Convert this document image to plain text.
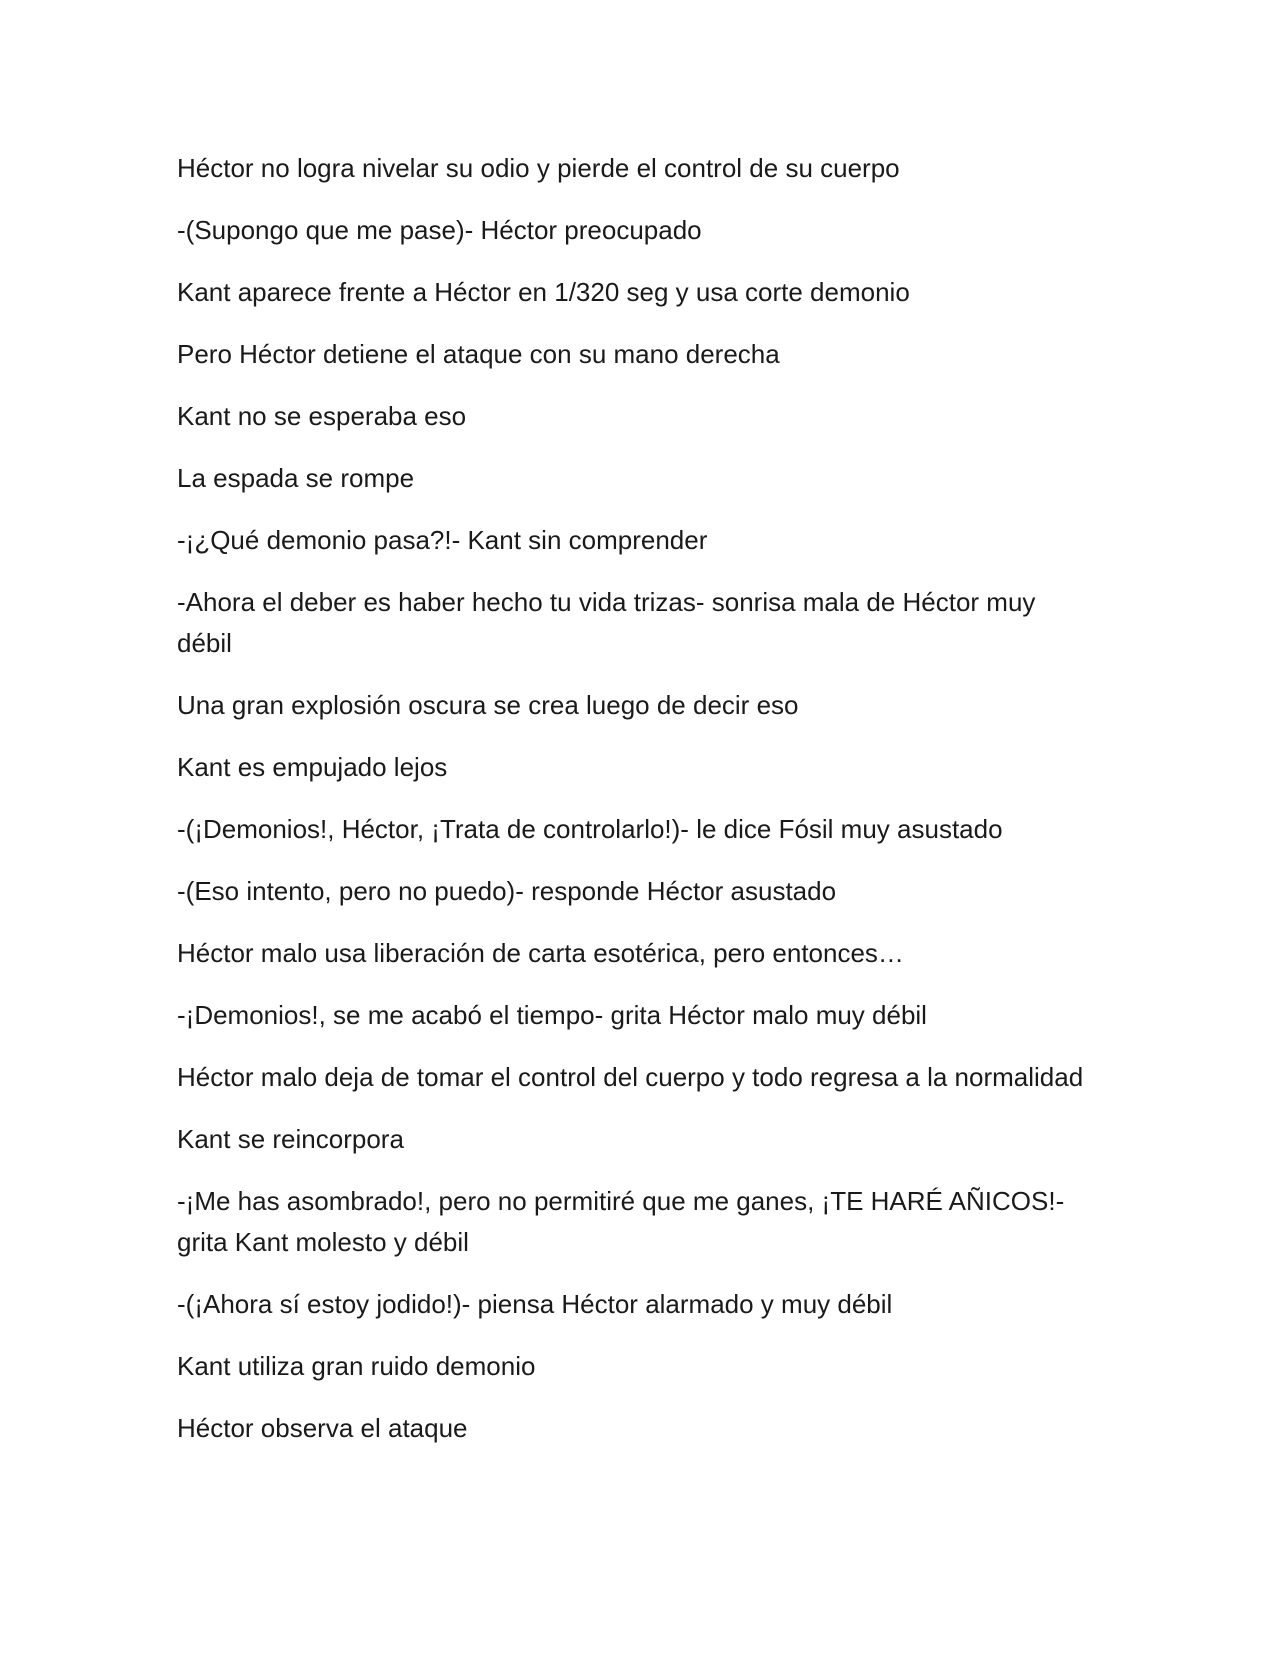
Héctor no logra nivelar su odio y pierde el control de su cuerpo

-(Supongo que me pase)- Héctor preocupado

Kant aparece frente a Héctor en 1/320 seg y usa corte demonio

Pero Héctor detiene el ataque con su mano derecha

Kant no se esperaba eso

La espada se rompe

-¡¿Qué demonio pasa?!- Kant sin comprender

-Ahora el deber es haber hecho tu vida trizas- sonrisa mala de Héctor muy débil

Una gran explosión oscura se crea luego de decir eso

Kant es empujado lejos

-(¡Demonios!, Héctor, ¡Trata de controlarlo!)- le dice Fósil muy asustado

-(Eso intento, pero no puedo)- responde Héctor asustado

Héctor malo usa liberación de carta esotérica, pero entonces…

-¡Demonios!, se me acabó el tiempo- grita Héctor malo muy débil

Héctor malo deja de tomar el control del cuerpo y todo regresa a la normalidad

Kant se reincorpora

-¡Me has asombrado!, pero no permitiré que me ganes, ¡TE HARÉ AÑICOS!- grita Kant molesto y débil

-(¡Ahora sí estoy jodido!)- piensa Héctor alarmado y muy débil

Kant utiliza gran ruido demonio

Héctor observa el ataque
